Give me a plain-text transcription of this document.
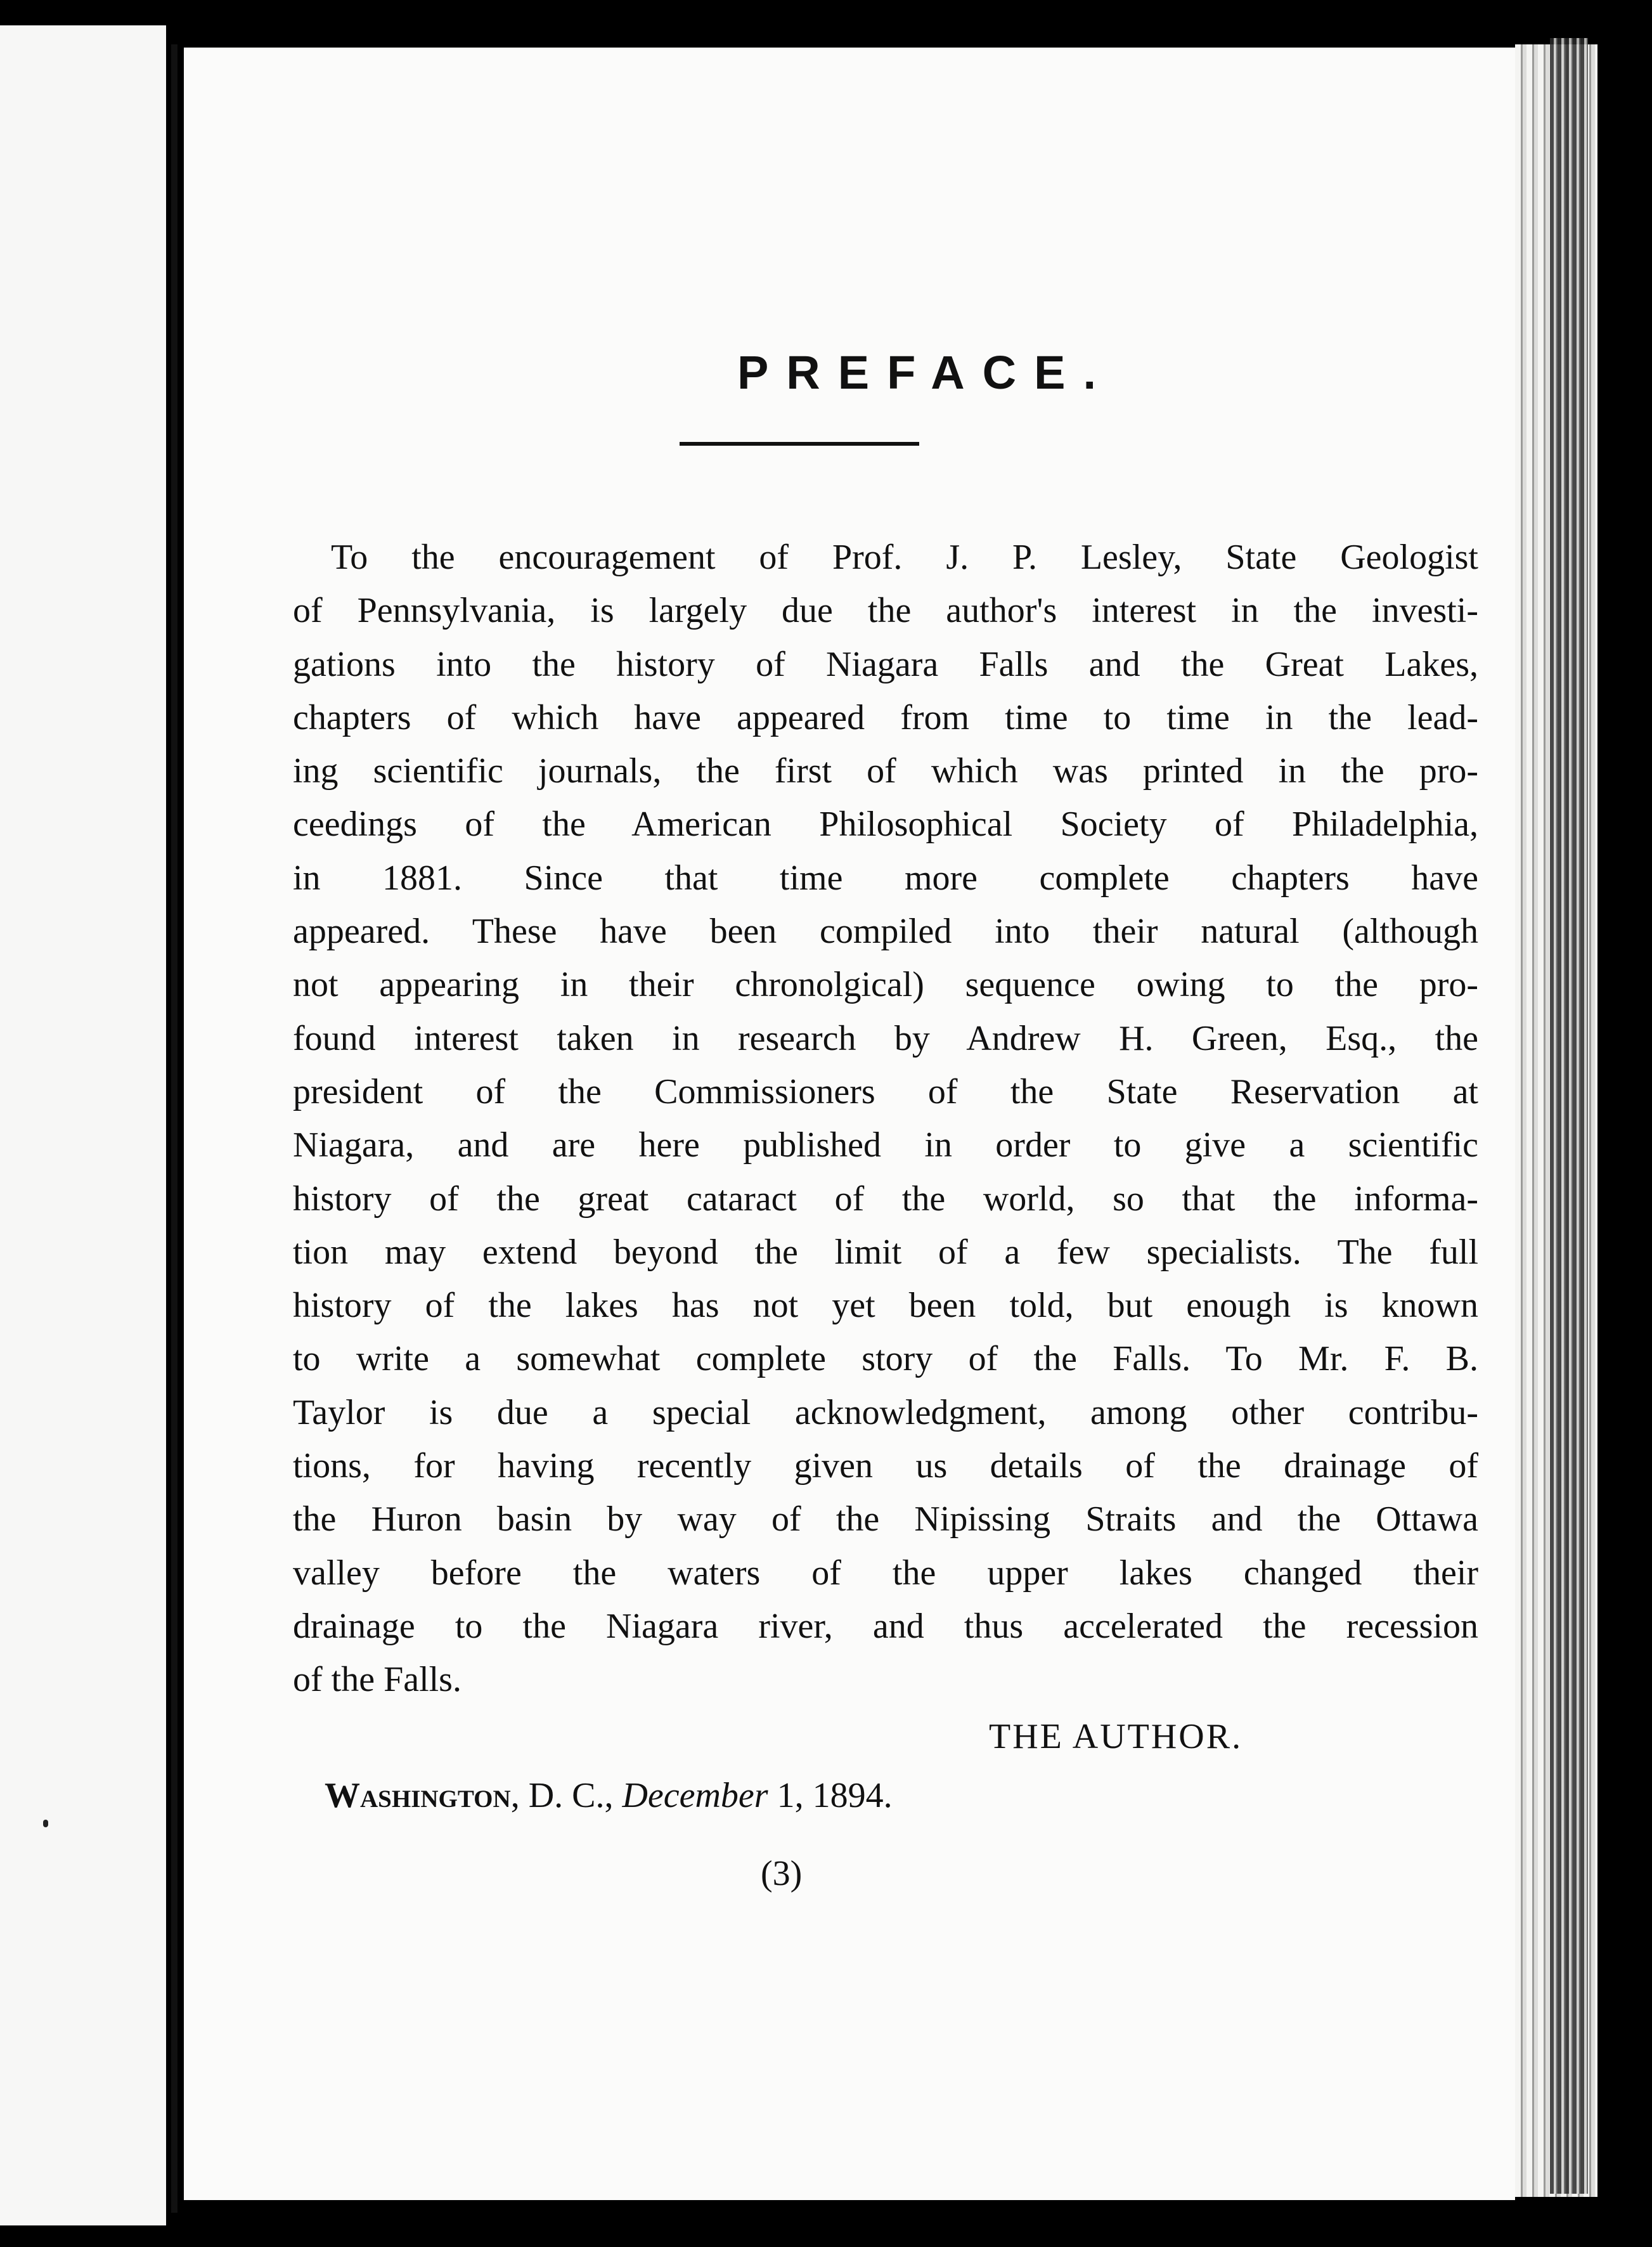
PREFACE.
To the encouragement of Prof. J. P. Lesley, State Geologist
of Pennsylvania, is largely due the author's interest in the investi-
gations into the history of Niagara Falls and the Great Lakes,
chapters of which have appeared from time to time in the lead-
ing scientific journals, the first of which was printed in the pro-
ceedings of the American Philosophical Society of Philadelphia,
in 1881. Since that time more complete chapters have
appeared. These have been compiled into their natural (although
not appearing in their chronolgical) sequence owing to the pro-
found interest taken in research by Andrew H. Green, Esq., the
president of the Commissioners of the State Reservation at
Niagara, and are here published in order to give a scientific
history of the great cataract of the world, so that the informa-
tion may extend beyond the limit of a few specialists. The full
history of the lakes has not yet been told, but enough is known
to write a somewhat complete story of the Falls. To Mr. F. B.
Taylor is due a special acknowledgment, among other contribu-
tions, for having recently given us details of the drainage of
the Huron basin by way of the Nipissing Straits and the Ottawa
valley before the waters of the upper lakes changed their
drainage to the Niagara river, and thus accelerated the recession
of the Falls.
THE AUTHOR.
Washington, D. C., December 1, 1894.
(3)
